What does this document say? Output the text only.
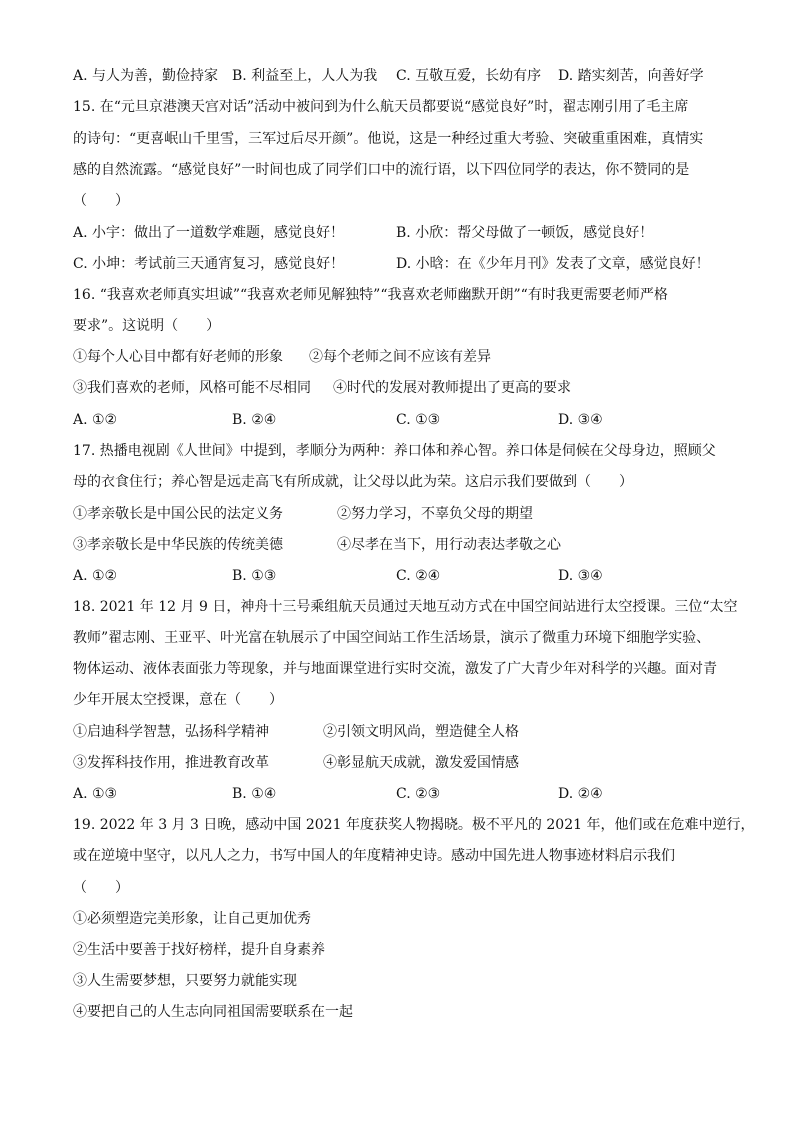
A. 与人为善，勤俭持家 B. 利益至上，人人为我 C. 互敬互爱，长幼有序 D. 踏实刻苦，向善好学
15. 在“元旦京港澳天宫对话”活动中被问到为什么航天员都要说“感觉良好”时，翟志刚引用了毛主席
的诗句：“更喜岷山千里雪，三军过后尽开颜”。他说，这是一种经过重大考验、突破重重困难，真情实
感的自然流露。“感觉良好”一时间也成了同学们口中的流行语，以下四位同学的表达，你不赞同的是
（　　）
A. 小宇：做出了一道数学难题，感觉良好！	B. 小欣：帮父母做了一顿饭，感觉良好！
C. 小坤：考试前三天通宵复习，感觉良好！	D. 小晗：在《少年月刊》发表了文章，感觉良好！
16. “我喜欢老师真实坦诚”“我喜欢老师见解独特”“我喜欢老师幽默开朗”“有时我更需要老师严格
要求”。这说明（　　）
①每个人心目中都有好老师的形象 ②每个老师之间不应该有差异
③我们喜欢的老师，风格可能不尽相同 ④时代的发展对教师提出了更高的要求
A. ①②	B. ②④	C. ①③	D. ③④
17. 热播电视剧《人世间》中提到，孝顺分为两种：养口体和养心智。养口体是伺候在父母身边，照顾父
母的衣食住行；养心智是远走高飞有所成就，让父母以此为荣。这启示我们要做到（　　）
①孝亲敬长是中国公民的法定义务	②努力学习，不辜负父母的期望
③孝亲敬长是中华民族的传统美德	④尽孝在当下，用行动表达孝敬之心
A. ①②	B. ①③	C. ②④	D. ③④
18. 2021 年 12 月 9 日，神舟十三号乘组航天员通过天地互动方式在中国空间站进行太空授课。三位“太空
教师”翟志刚、王亚平、叶光富在轨展示了中国空间站工作生活场景，演示了微重力环境下细胞学实验、
物体运动、液体表面张力等现象，并与地面课堂进行实时交流，激发了广大青少年对科学的兴趣。面对青
少年开展太空授课，意在（　　）
①启迪科学智慧，弘扬科学精神	②引领文明风尚，塑造健全人格
③发挥科技作用，推进教育改革	④彰显航天成就，激发爱国情感
A. ①③	B. ①④	C. ②③	D. ②④
19. 2022 年 3 月 3 日晚，感动中国 2021 年度获奖人物揭晓。极不平凡的 2021 年，他们或在危难中逆行，
或在逆境中坚守，以凡人之力，书写中国人的年度精神史诗。感动中国先进人物事迹材料启示我们
（　　）
①必须塑造完美形象，让自己更加优秀
②生活中要善于找好榜样，提升自身素养
③人生需要梦想，只要努力就能实现
④要把自己的人生志向同祖国需要联系在一起
